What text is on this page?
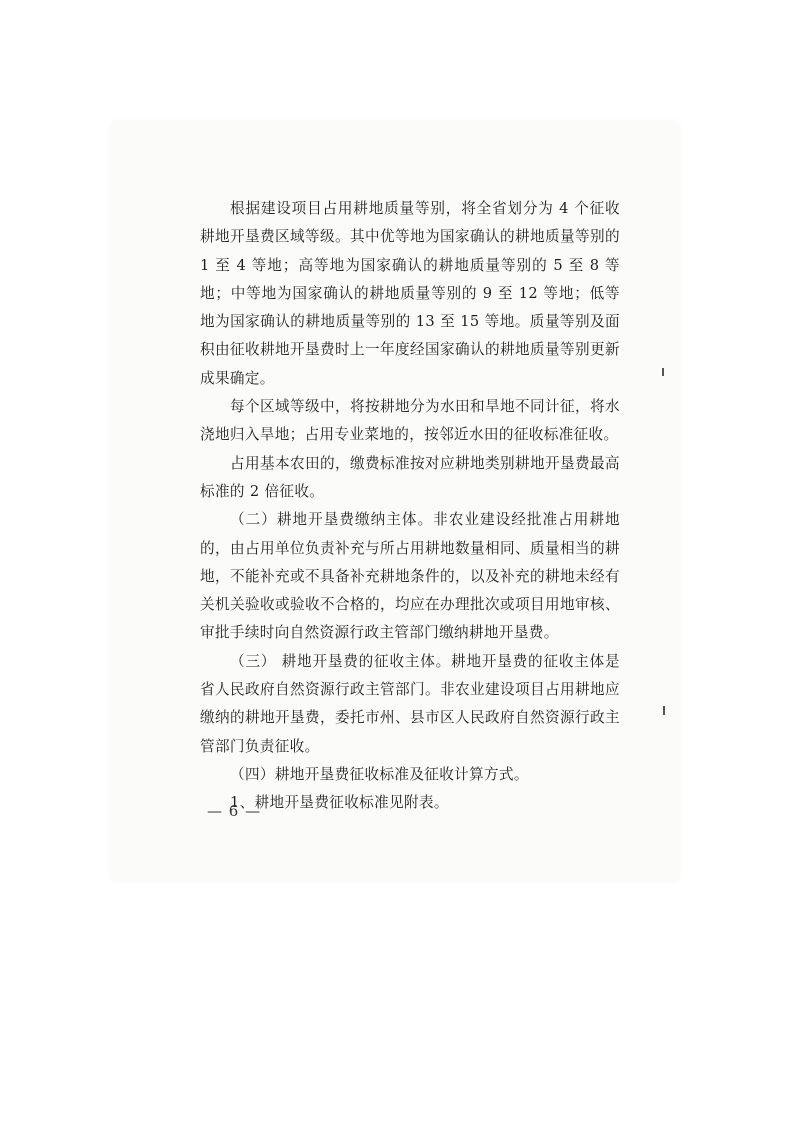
根据建设项目占用耕地质量等别，将全省划分为 4 个征收耕地开垦费区域等级。其中优等地为国家确认的耕地质量等别的 1 至 4 等地；高等地为国家确认的耕地质量等别的 5 至 8 等地；中等地为国家确认的耕地质量等别的 9 至 12 等地；低等地为国家确认的耕地质量等别的 13 至 15 等地。质量等别及面积由征收耕地开垦费时上一年度经国家确认的耕地质量等别更新成果确定。

每个区域等级中，将按耕地分为水田和旱地不同计征，将水浇地归入旱地；占用专业菜地的，按邻近水田的征收标准征收。

占用基本农田的，缴费标准按对应耕地类别耕地开垦费最高标准的 2 倍征收。

（二）耕地开垦费缴纳主体。非农业建设经批准占用耕地的，由占用单位负责补充与所占用耕地数量相同、质量相当的耕地，不能补充或不具备补充耕地条件的，以及补充的耕地未经有关机关验收或验收不合格的，均应在办理批次或项目用地审核、审批手续时向自然资源行政主管部门缴纳耕地开垦费。

（三） 耕地开垦费的征收主体。耕地开垦费的征收主体是省人民政府自然资源行政主管部门。非农业建设项目占用耕地应缴纳的耕地开垦费，委托市州、县市区人民政府自然资源行政主管部门负责征收。

（四）耕地开垦费征收标准及征收计算方式。

1、耕地开垦费征收标准见附表。

— 6 —
